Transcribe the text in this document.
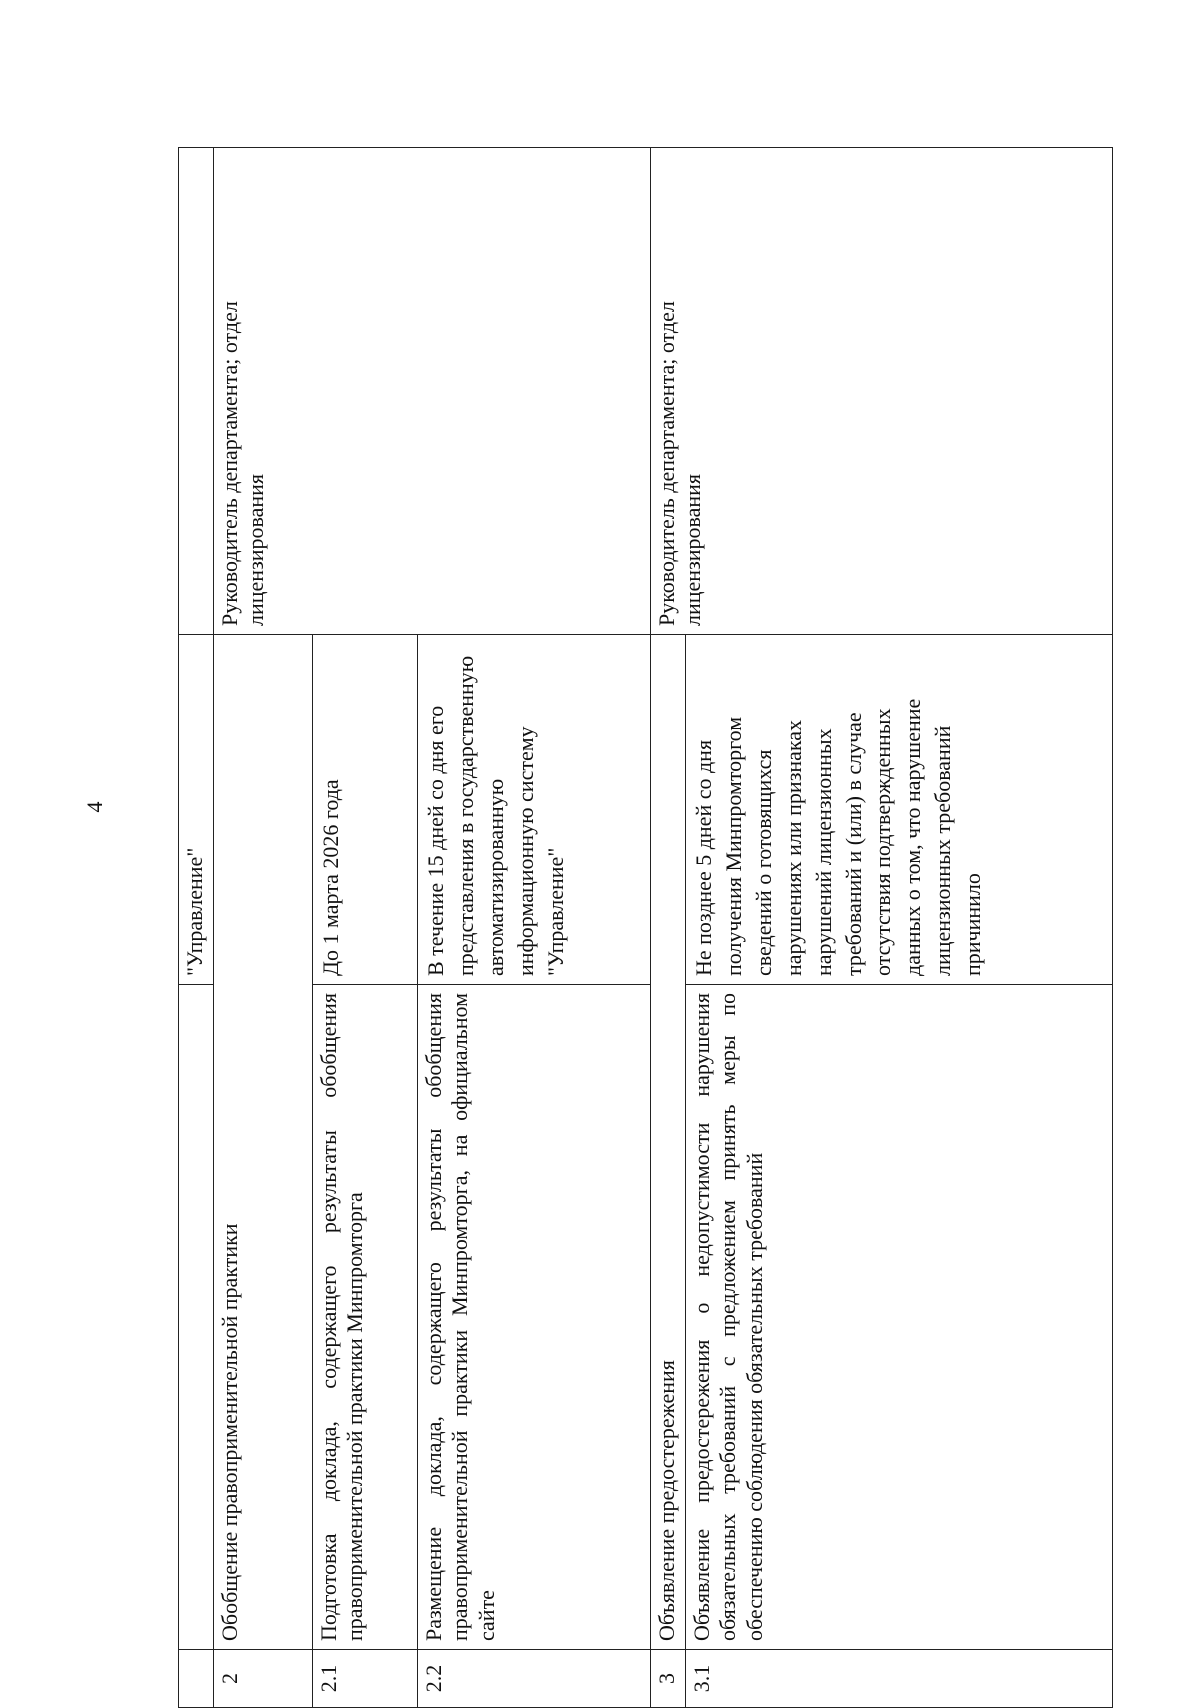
4
		"Управление"	
2	Обобщение правоприменительной практики		Руководитель департамента; отдел лицензирования
2.1	Подготовка доклада, содержащего результаты обобщения правоприменительной практики Минпромторга	До 1 марта 2026 года	
2.2	Размещение доклада, содержащего результаты обобщения правоприменительной практики Минпромторга, на официальном сайте	В течение 15 дней со дня его представления в государственную автоматизированную информационную систему "Управление"	
3	Объявление предостережения		Руководитель департамента; отдел лицензирования
3.1	Объявление предостережения о недопустимости нарушения обязательных требований с предложением принять меры по обеспечению соблюдения обязательных требований	Не позднее 5 дней со дня получения Минпромторгом сведений о готовящихся нарушениях или признаках нарушений лицензионных требований и (или) в случае отсутствия подтвержденных данных о том, что нарушение лицензионных требований причинило	
